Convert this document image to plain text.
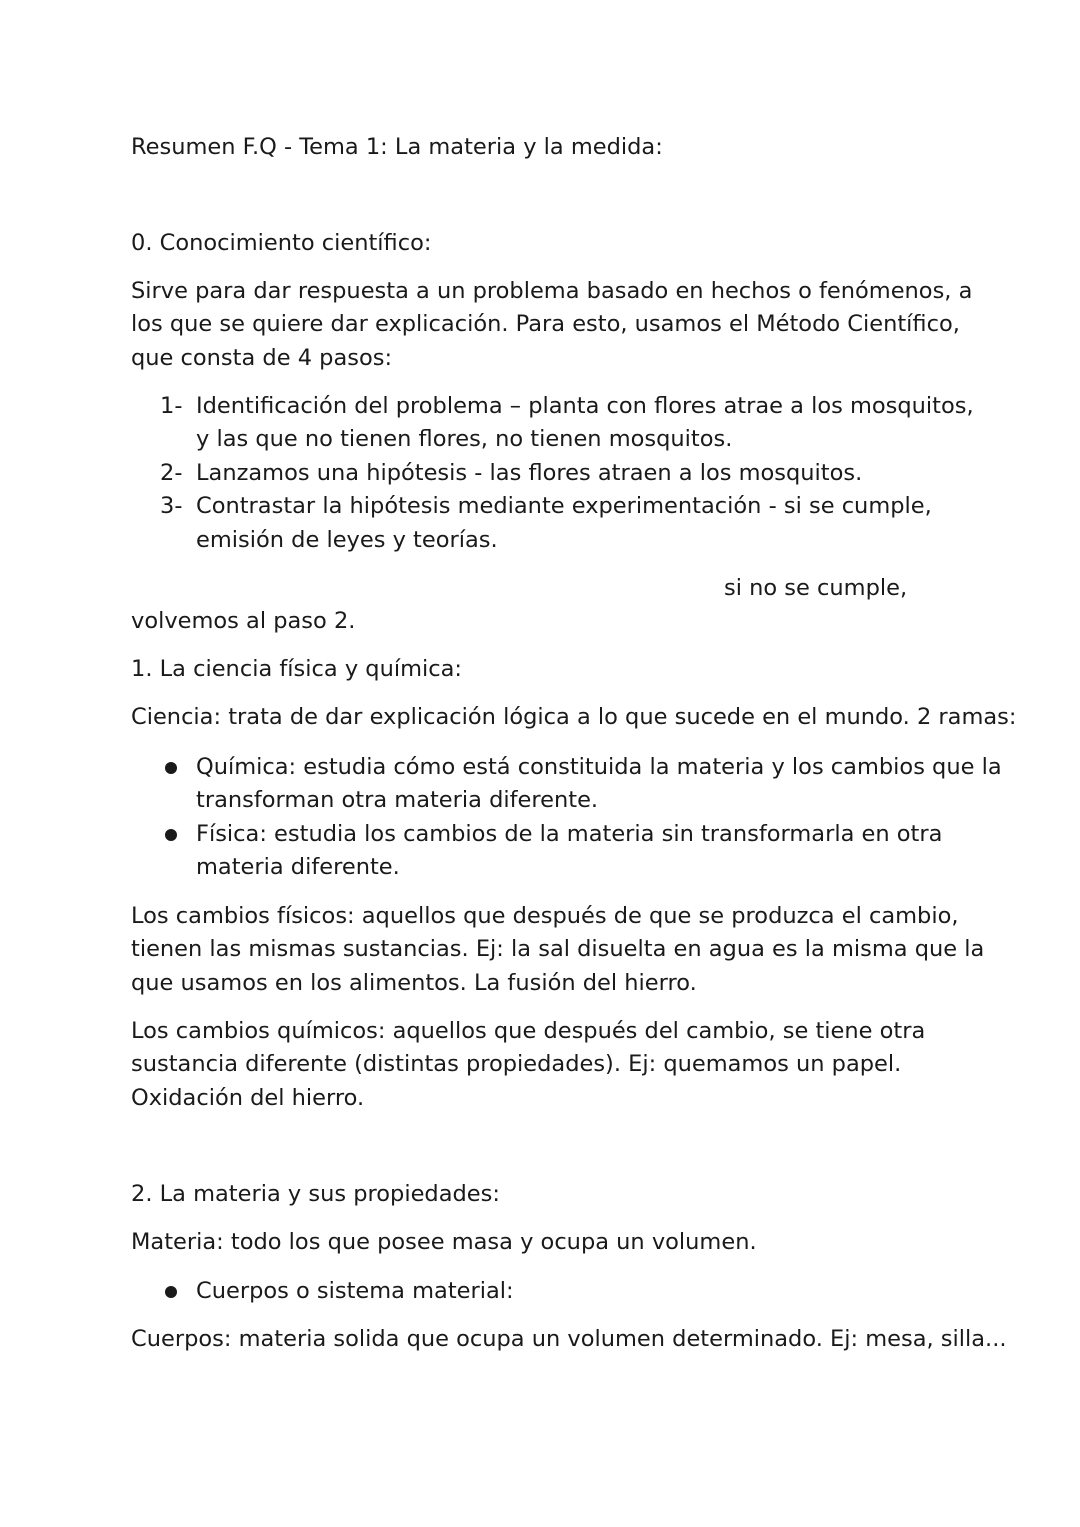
Resumen F.Q - Tema 1: La materia y la medida:
0. Conocimiento científico:
Sirve para dar respuesta a un problema basado en hechos o fenómenos, a
los que se quiere dar explicación. Para esto, usamos el Método Científico,
que consta de 4 pasos:
1- Identificación del problema – planta con flores atrae a los mosquitos,
y las que no tienen flores, no tienen mosquitos.
2- Lanzamos una hipótesis - las flores atraen a los mosquitos.
3- Contrastar la hipótesis mediante experimentación - si se cumple,
emisión de leyes y teorías.
si no se cumple,
volvemos al paso 2.
1. La ciencia física y química:
Ciencia: trata de dar explicación lógica a lo que sucede en el mundo. 2 ramas:
Química: estudia cómo está constituida la materia y los cambios que la
transforman otra materia diferente.
Física: estudia los cambios de la materia sin transformarla en otra
materia diferente.
Los cambios físicos: aquellos que después de que se produzca el cambio,
tienen las mismas sustancias. Ej: la sal disuelta en agua es la misma que la
que usamos en los alimentos. La fusión del hierro.
Los cambios químicos: aquellos que después del cambio, se tiene otra
sustancia diferente (distintas propiedades). Ej: quemamos un papel.
Oxidación del hierro.
2. La materia y sus propiedades:
Materia: todo los que posee masa y ocupa un volumen.
Cuerpos o sistema material:
Cuerpos: materia solida que ocupa un volumen determinado. Ej: mesa, silla...
